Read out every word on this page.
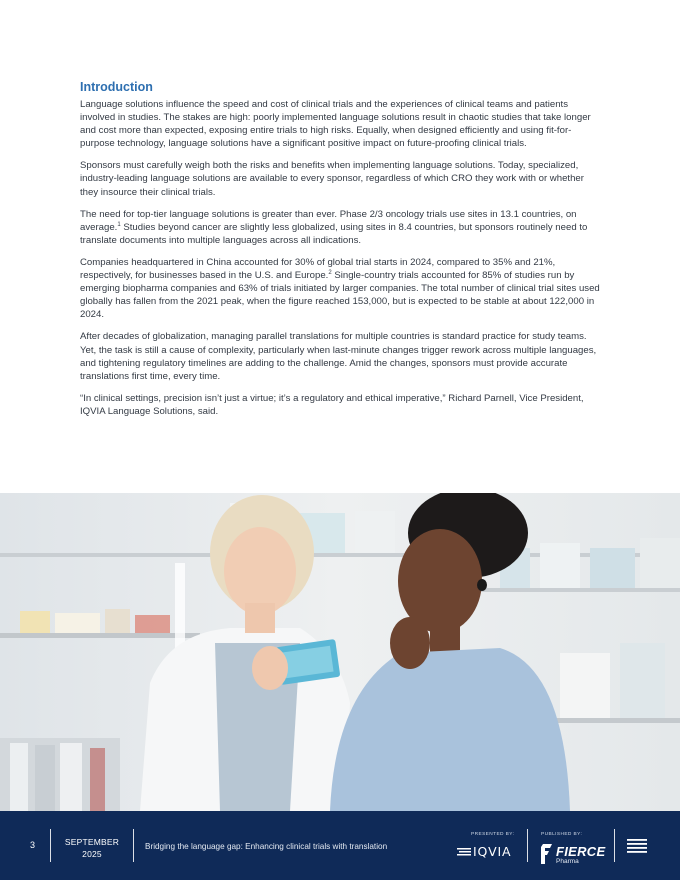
Introduction

Language solutions influence the speed and cost of clinical trials and the experiences of clinical teams and patients involved in studies. The stakes are high: poorly implemented language solutions result in chaotic studies that take longer and cost more than expected, exposing entire trials to high risks. Equally, when designed efficiently and using fit-for-purpose technology, language solutions have a significant positive impact on future-proofing clinical trials.

Sponsors must carefully weigh both the risks and benefits when implementing language solutions. Today, specialized, industry-leading language solutions are available to every sponsor, regardless of which CRO they work with or whether they insource their clinical trials.

The need for top-tier language solutions is greater than ever. Phase 2/3 oncology trials use sites in 13.1 countries, on average.$^1$ Studies beyond cancer are slightly less globalized, using sites in 8.4 countries, but sponsors routinely need to translate documents into multiple languages across all indications.

Companies headquartered in China accounted for 30% of global trial starts in 2024, compared to 35% and 21%, respectively, for businesses based in the U.S. and Europe.$^2$ Single-country trials accounted for 85% of studies run by emerging biopharma companies and 63% of trials initiated by larger companies. The total number of clinical trial sites used globally has fallen from the 2021 peak, when the figure reached 153,000, but is expected to be stable at about 122,000 in 2024.

After decades of globalization, managing parallel translations for multiple countries is standard practice for study teams. Yet, the task is still a cause of complexity, particularly when last-minute changes trigger rework across multiple languages, and tightening regulatory timelines are adding to the challenge. Amid the changes, sponsors must provide accurate translations first time, every time.

“In clinical settings, precision isn’t just a virtue; it’s a regulatory and ethical imperative,” Richard Parnell, Vice President, IQVIA Language Solutions, said.

3	SEPTEMBER
2025
Bridging the language gap: Enhancing clinical trials with translation
PRESENTED BY:
IQVIA
PUBLISHED BY:
FIERCE
Pharma
